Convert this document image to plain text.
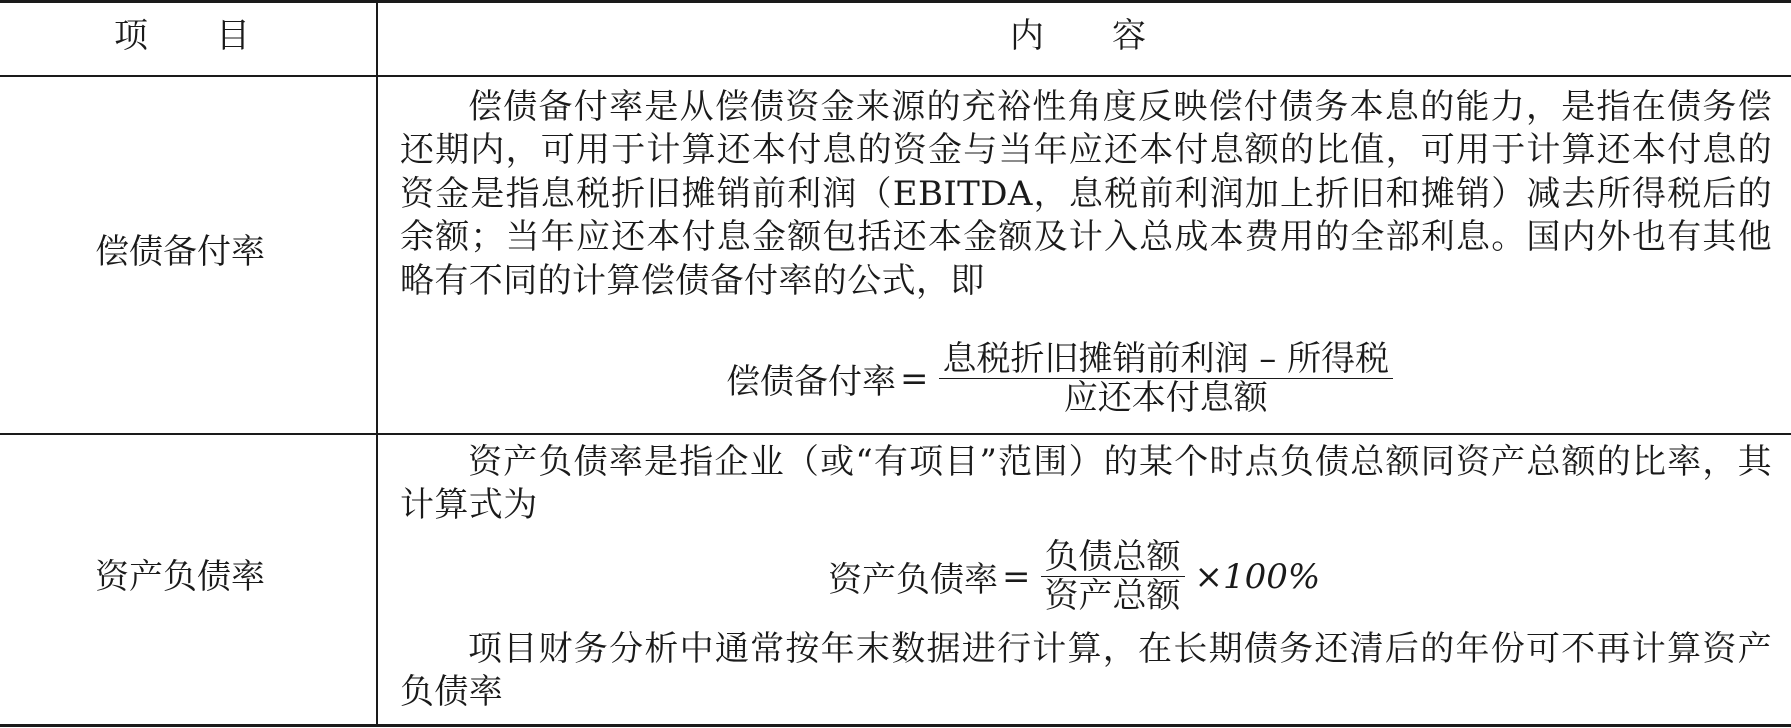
项　　目	内　　容
偿债备付率
偿债备付率是从偿债资金来源的充裕性角度反映偿付债务本息的能力，是指在债务偿还期内，可用于计算还本付息的资金与当年应还本付息额的比值，可用于计算还本付息的资金是指息税折旧摊销前利润（EBITDA，息税前利润加上折旧和摊销）减去所得税后的余额；当年应还本付息金额包括还本金额及计入总成本费用的全部利息。国内外也有其他略有不同的计算偿债备付率的公式，即
偿债备付率 = $\frac{\text{息税折旧摊销前利润 – 所得税}}{\text{应还本付息额}}$
资产负债率
资产负债率是指企业（或“有项目”范围）的某个时点负债总额同资产总额的比率，其计算式为
资产负债率 = $\frac{\text{负债总额}}{\text{资产总额}} \times 100\%$
项目财务分析中通常按年末数据进行计算，在长期债务还清后的年份可不再计算资产负债率
